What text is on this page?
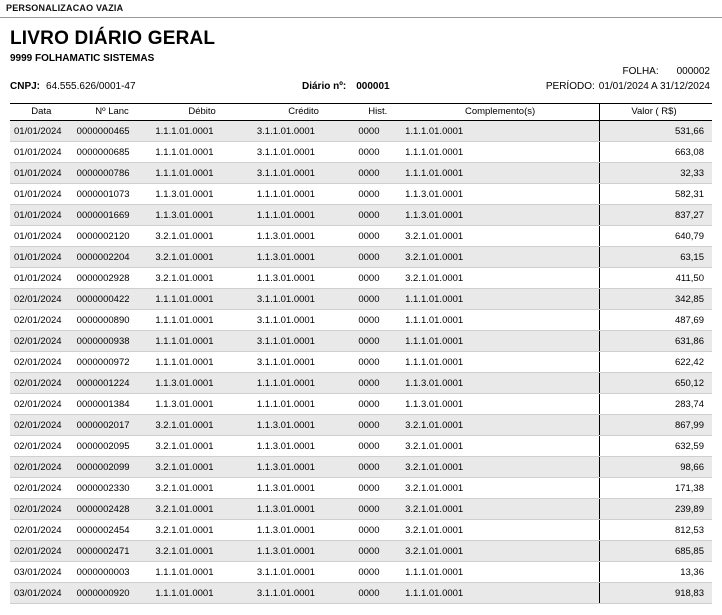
PERSONALIZACAO VAZIA
LIVRO DIÁRIO GERAL
9999 FOLHAMATIC SISTEMAS
FOLHA: 000002
CNPJ: 64.555.626/0001-47	Diário nº: 000001	PERÍODO: 01/01/2024 A 31/12/2024
Data	Nº Lanc	Débito	Crédito	Hist.	Complemento(s)	Valor ( R$)
01/01/2024	0000000465	1.1.1.01.0001	3.1.1.01.0001	0000	1.1.1.01.0001	531,66
01/01/2024	0000000685	1.1.1.01.0001	3.1.1.01.0001	0000	1.1.1.01.0001	663,08
01/01/2024	0000000786	1.1.1.01.0001	3.1.1.01.0001	0000	1.1.1.01.0001	32,33
01/01/2024	0000001073	1.1.3.01.0001	1.1.1.01.0001	0000	1.1.3.01.0001	582,31
01/01/2024	0000001669	1.1.3.01.0001	1.1.1.01.0001	0000	1.1.3.01.0001	837,27
01/01/2024	0000002120	3.2.1.01.0001	1.1.3.01.0001	0000	3.2.1.01.0001	640,79
01/01/2024	0000002204	3.2.1.01.0001	1.1.3.01.0001	0000	3.2.1.01.0001	63,15
01/01/2024	0000002928	3.2.1.01.0001	1.1.3.01.0001	0000	3.2.1.01.0001	411,50
02/01/2024	0000000422	1.1.1.01.0001	3.1.1.01.0001	0000	1.1.1.01.0001	342,85
02/01/2024	0000000890	1.1.1.01.0001	3.1.1.01.0001	0000	1.1.1.01.0001	487,69
02/01/2024	0000000938	1.1.1.01.0001	3.1.1.01.0001	0000	1.1.1.01.0001	631,86
02/01/2024	0000000972	1.1.1.01.0001	3.1.1.01.0001	0000	1.1.1.01.0001	622,42
02/01/2024	0000001224	1.1.3.01.0001	1.1.1.01.0001	0000	1.1.3.01.0001	650,12
02/01/2024	0000001384	1.1.3.01.0001	1.1.1.01.0001	0000	1.1.3.01.0001	283,74
02/01/2024	0000002017	3.2.1.01.0001	1.1.3.01.0001	0000	3.2.1.01.0001	867,99
02/01/2024	0000002095	3.2.1.01.0001	1.1.3.01.0001	0000	3.2.1.01.0001	632,59
02/01/2024	0000002099	3.2.1.01.0001	1.1.3.01.0001	0000	3.2.1.01.0001	98,66
02/01/2024	0000002330	3.2.1.01.0001	1.1.3.01.0001	0000	3.2.1.01.0001	171,38
02/01/2024	0000002428	3.2.1.01.0001	1.1.3.01.0001	0000	3.2.1.01.0001	239,89
02/01/2024	0000002454	3.2.1.01.0001	1.1.3.01.0001	0000	3.2.1.01.0001	812,53
02/01/2024	0000002471	3.2.1.01.0001	1.1.3.01.0001	0000	3.2.1.01.0001	685,85
03/01/2024	0000000003	1.1.1.01.0001	3.1.1.01.0001	0000	1.1.1.01.0001	13,36
03/01/2024	0000000920	1.1.1.01.0001	3.1.1.01.0001	0000	1.1.1.01.0001	918,83
